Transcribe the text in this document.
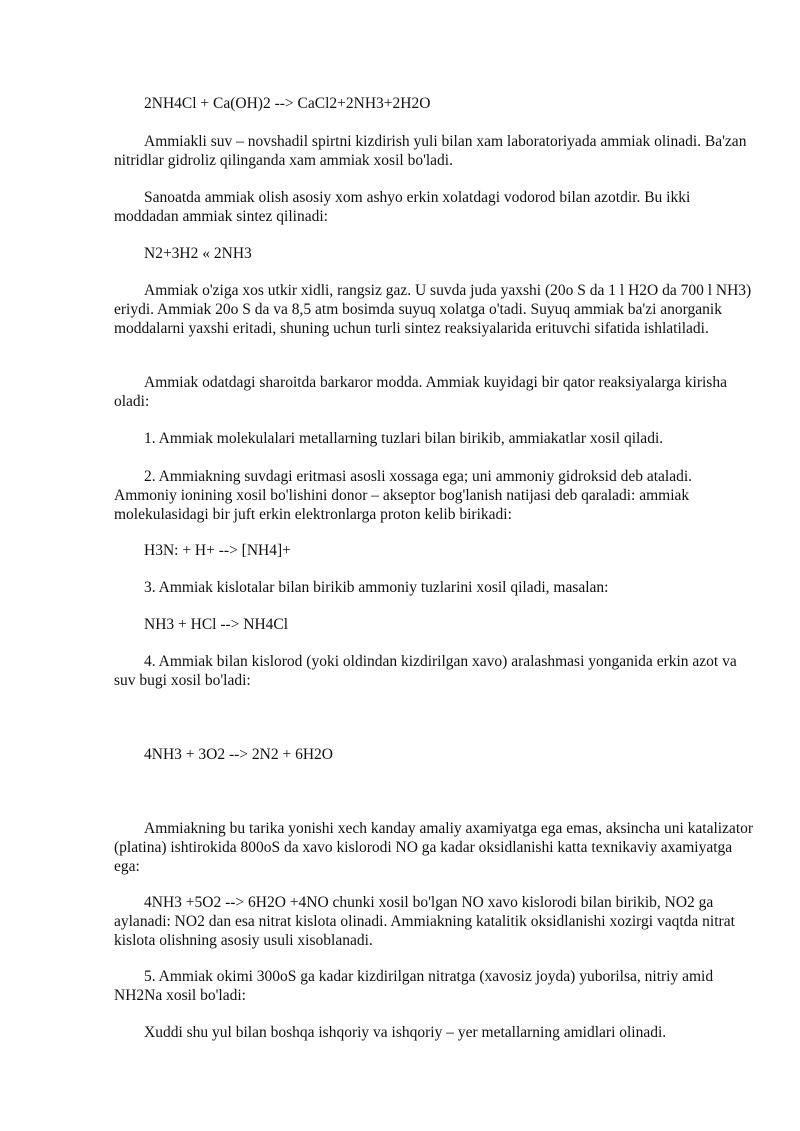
2NH4Cl + Ca(OH)2 --> CaCl2+2NH3+2H2O

Ammiakli suv – novshadil spirtni kizdirish yuli bilan xam laboratoriyada ammiak olinadi. Ba'zan nitridlar gidroliz qilinganda xam ammiak xosil bo'ladi.

Sanoatda ammiak olish asosiy xom ashyo erkin xolatdagi vodorod bilan azotdir. Bu ikki moddadan ammiak sintez qilinadi:

N2+3H2 « 2NH3

Ammiak o'ziga xos utkir xidli, rangsiz gaz. U suvda juda yaxshi (20o S da 1 l H2O da 700 l NH3) eriydi. Ammiak 20o S da va 8,5 atm bosimda suyuq xolatga o'tadi. Suyuq ammiak ba'zi anorganik moddalarni yaxshi eritadi, shuning uchun turli sintez reaksiyalarida erituvchi sifatida ishlatiladi.

Ammiak odatdagi sharoitda barkaror modda. Ammiak kuyidagi bir qator reaksiyalarga kirisha oladi:

1. Ammiak molekulalari metallarning tuzlari bilan birikib, ammiakatlar xosil qiladi.

2. Ammiakning suvdagi eritmasi asosli xossaga ega; uni ammoniy gidroksid deb ataladi. Ammoniy ionining xosil bo'lishini donor – akseptor bog'lanish natijasi deb qaraladi: ammiak molekulasidagi bir juft erkin elektronlarga proton kelib birikadi:

H3N: + H+ --> [NH4]+

3. Ammiak kislotalar bilan birikib ammoniy tuzlarini xosil qiladi, masalan:

NH3 + HCl --> NH4Cl

4. Ammiak bilan kislorod (yoki oldindan kizdirilgan xavo) aralashmasi yonganida erkin azot va suv bugi xosil bo'ladi:

4NH3 + 3O2 --> 2N2 + 6H2O

Ammiakning bu tarika yonishi xech kanday amaliy axamiyatga ega emas, aksincha uni katalizator (platina) ishtirokida 800oS da xavo kislorodi NO ga kadar oksidlanishi katta texnikaviy axamiyatga ega:

4NH3 +5O2 --> 6H2O +4NO chunki xosil bo'lgan NO xavo kislorodi bilan birikib, NO2 ga aylanadi: NO2 dan esa nitrat kislota olinadi. Ammiakning katalitik oksidlanishi xozirgi vaqtda nitrat kislota olishning asosiy usuli xisoblanadi.

5. Ammiak okimi 300oS ga kadar kizdirilgan nitratga (xavosiz joyda) yuborilsa, nitriy amid NH2Na xosil bo'ladi:

Xuddi shu yul bilan boshqa ishqoriy va ishqoriy – yer metallarning amidlari olinadi.
